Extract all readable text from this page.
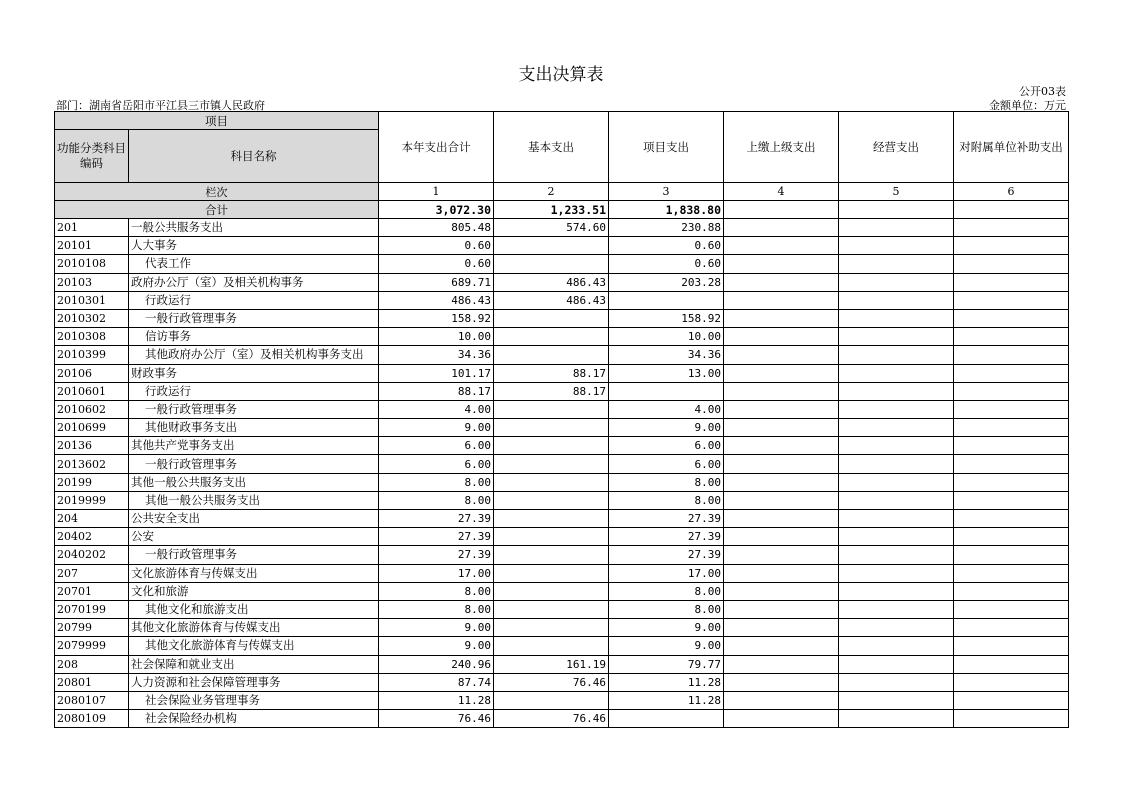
支出决算表
公开03表
部门：湖南省岳阳市平江县三市镇人民政府	金额单位：万元
项目		本年支出合计	基本支出	项目支出	上缴上级支出	经营支出	对附属单位补助支出
功能分类科目编码	科目名称						
栏次		1	2	3	4	5	6
合计		3,072.30	1,233.51	1,838.80			
201	一般公共服务支出	805.48	574.60	230.88			
20101	人大事务	0.60		0.60			
2010108	代表工作	0.60		0.60			
20103	政府办公厅（室）及相关机构事务	689.71	486.43	203.28			
2010301	行政运行	486.43	486.43				
2010302	一般行政管理事务	158.92		158.92			
2010308	信访事务	10.00		10.00			
2010399	其他政府办公厅（室）及相关机构事务支出	34.36		34.36			
20106	财政事务	101.17	88.17	13.00			
2010601	行政运行	88.17	88.17				
2010602	一般行政管理事务	4.00		4.00			
2010699	其他财政事务支出	9.00		9.00			
20136	其他共产党事务支出	6.00		6.00			
2013602	一般行政管理事务	6.00		6.00			
20199	其他一般公共服务支出	8.00		8.00			
2019999	其他一般公共服务支出	8.00		8.00			
204	公共安全支出	27.39		27.39			
20402	公安	27.39		27.39			
2040202	一般行政管理事务	27.39		27.39			
207	文化旅游体育与传媒支出	17.00		17.00			
20701	文化和旅游	8.00		8.00			
2070199	其他文化和旅游支出	8.00		8.00			
20799	其他文化旅游体育与传媒支出	9.00		9.00			
2079999	其他文化旅游体育与传媒支出	9.00		9.00			
208	社会保障和就业支出	240.96	161.19	79.77			
20801	人力资源和社会保障管理事务	87.74	76.46	11.28			
2080107	社会保险业务管理事务	11.28		11.28			
2080109	社会保险经办机构	76.46	76.46				
